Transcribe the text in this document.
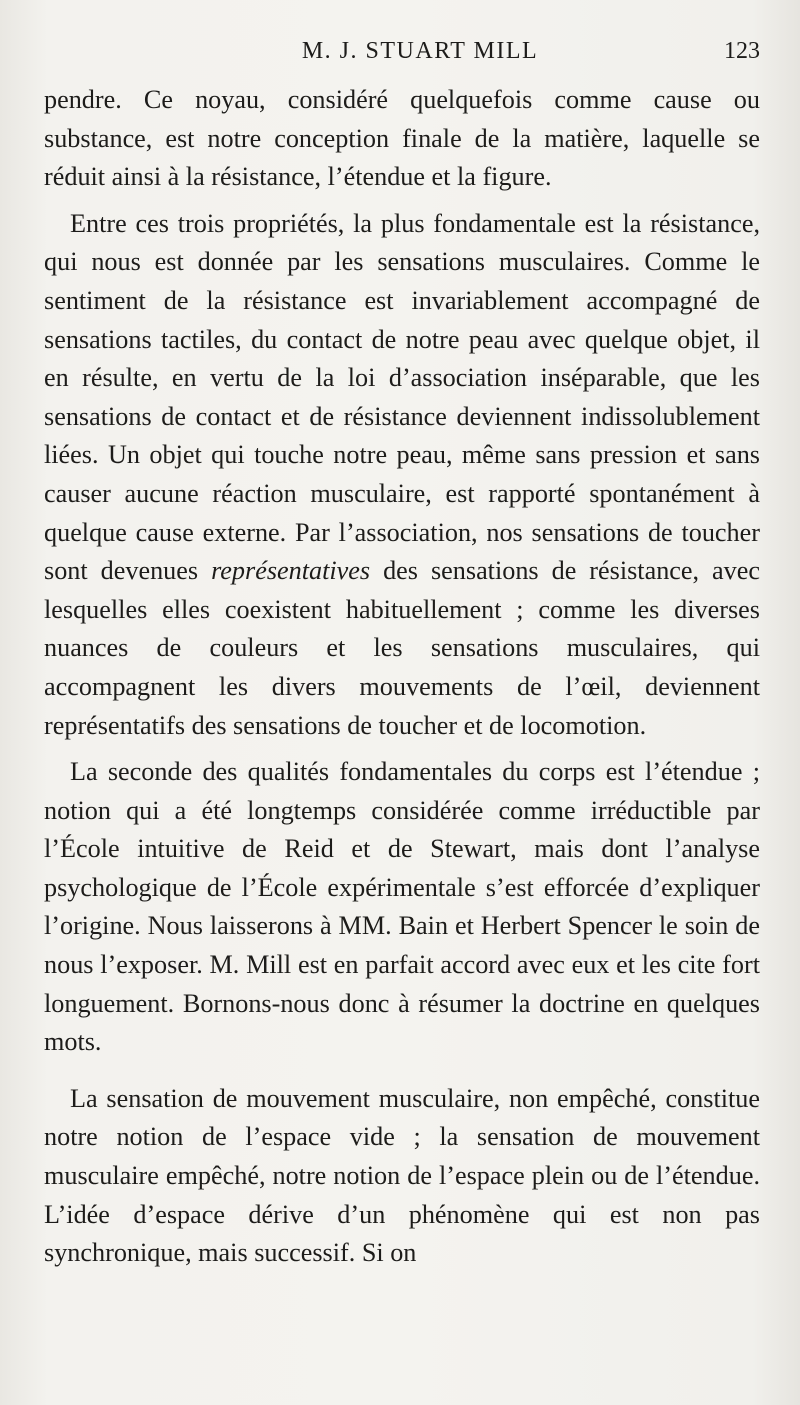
M. J. STUART MILL	123

pendre. Ce noyau, considéré quelquefois comme cause ou substance, est notre conception finale de la matière, laquelle se réduit ainsi à la résistance, l’étendue et la figure.

Entre ces trois propriétés, la plus fondamentale est la résistance, qui nous est donnée par les sensations musculaires. Comme le sentiment de la résistance est invariablement accompagné de sensations tactiles, du contact de notre peau avec quelque objet, il en résulte, en vertu de la loi d’association inséparable, que les sensations de contact et de résistance deviennent indissolublement liées. Un objet qui touche notre peau, même sans pression et sans causer aucune réaction musculaire, est rapporté spontanément à quelque cause externe. Par l’association, nos sensations de toucher sont devenues représentatives des sensations de résistance, avec lesquelles elles coexistent habituellement ; comme les diverses nuances de couleurs et les sensations musculaires, qui accompagnent les divers mouvements de l’œil, deviennent représentatifs des sensations de toucher et de locomotion.

La seconde des qualités fondamentales du corps est l’étendue ; notion qui a été longtemps considérée comme irréductible par l’École intuitive de Reid et de Stewart, mais dont l’analyse psychologique de l’École expérimentale s’est efforcée d’expliquer l’origine. Nous laisserons à MM. Bain et Herbert Spencer le soin de nous l’exposer. M. Mill est en parfait accord avec eux et les cite fort longuement. Bornons-nous donc à résumer la doctrine en quelques mots.

La sensation de mouvement musculaire, non empêché, constitue notre notion de l’espace vide ; la sensation de mouvement musculaire empêché, notre notion de l’espace plein ou de l’étendue. L’idée d’espace dérive d’un phénomène qui est non pas synchronique, mais successif. Si on
